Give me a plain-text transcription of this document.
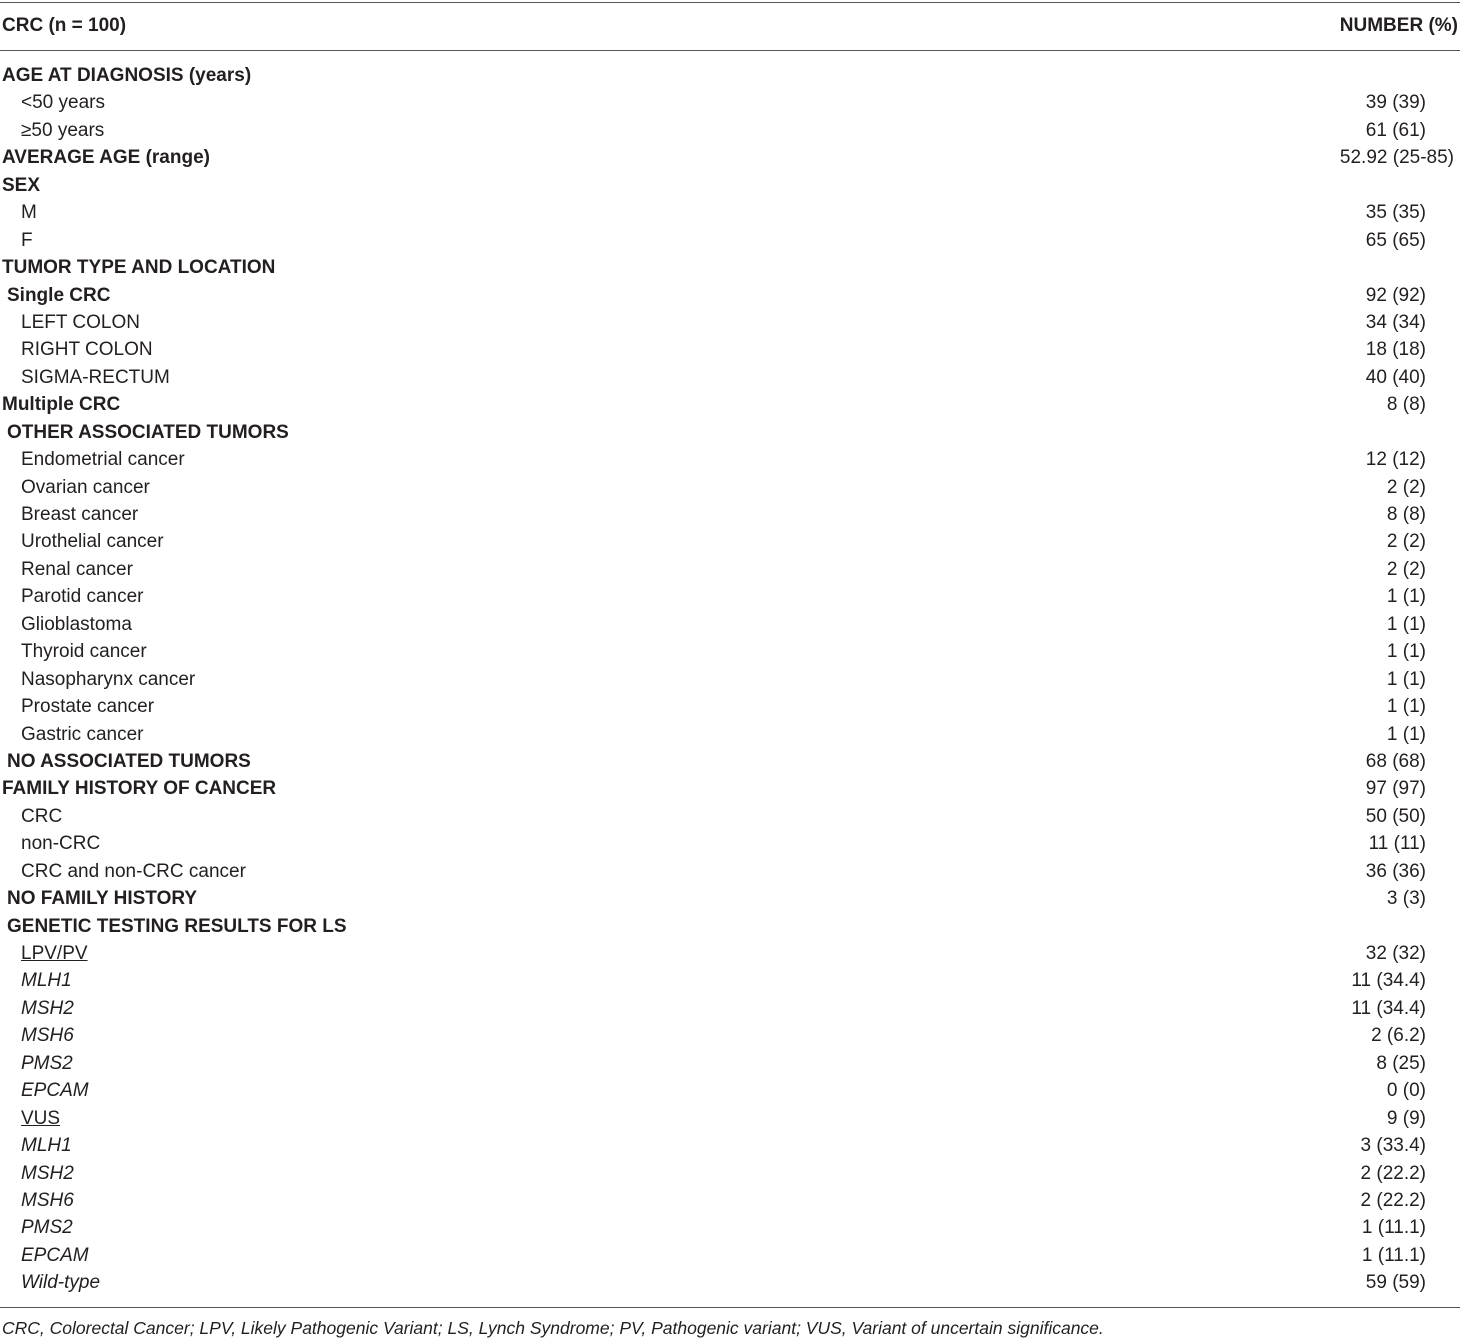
CRC (n = 100)	NUMBER (%)
AGE AT DIAGNOSIS (years)
<50 years	39 (39)
≥50 years	61 (61)
AVERAGE AGE (range)	52.92 (25-85)
SEX
M	35 (35)
F	65 (65)
TUMOR TYPE AND LOCATION
Single CRC	92 (92)
LEFT COLON	34 (34)
RIGHT COLON	18 (18)
SIGMA-RECTUM	40 (40)
Multiple CRC	8 (8)
OTHER ASSOCIATED TUMORS
Endometrial cancer	12 (12)
Ovarian cancer	2 (2)
Breast cancer	8 (8)
Urothelial cancer	2 (2)
Renal cancer	2 (2)
Parotid cancer	1 (1)
Glioblastoma	1 (1)
Thyroid cancer	1 (1)
Nasopharynx cancer	1 (1)
Prostate cancer	1 (1)
Gastric cancer	1 (1)
NO ASSOCIATED TUMORS	68 (68)
FAMILY HISTORY OF CANCER	97 (97)
CRC	50 (50)
non-CRC	11 (11)
CRC and non-CRC cancer	36 (36)
NO FAMILY HISTORY	3 (3)
GENETIC TESTING RESULTS FOR LS
LPV/PV	32 (32)
MLH1	11 (34.4)
MSH2	11 (34.4)
MSH6	2 (6.2)
PMS2	8 (25)
EPCAM	0 (0)
VUS	9 (9)
MLH1	3 (33.4)
MSH2	2 (22.2)
MSH6	2 (22.2)
PMS2	1 (11.1)
EPCAM	1 (11.1)
Wild-type	59 (59)
CRC, Colorectal Cancer; LPV, Likely Pathogenic Variant; LS, Lynch Syndrome; PV, Pathogenic variant; VUS, Variant of uncertain significance.
